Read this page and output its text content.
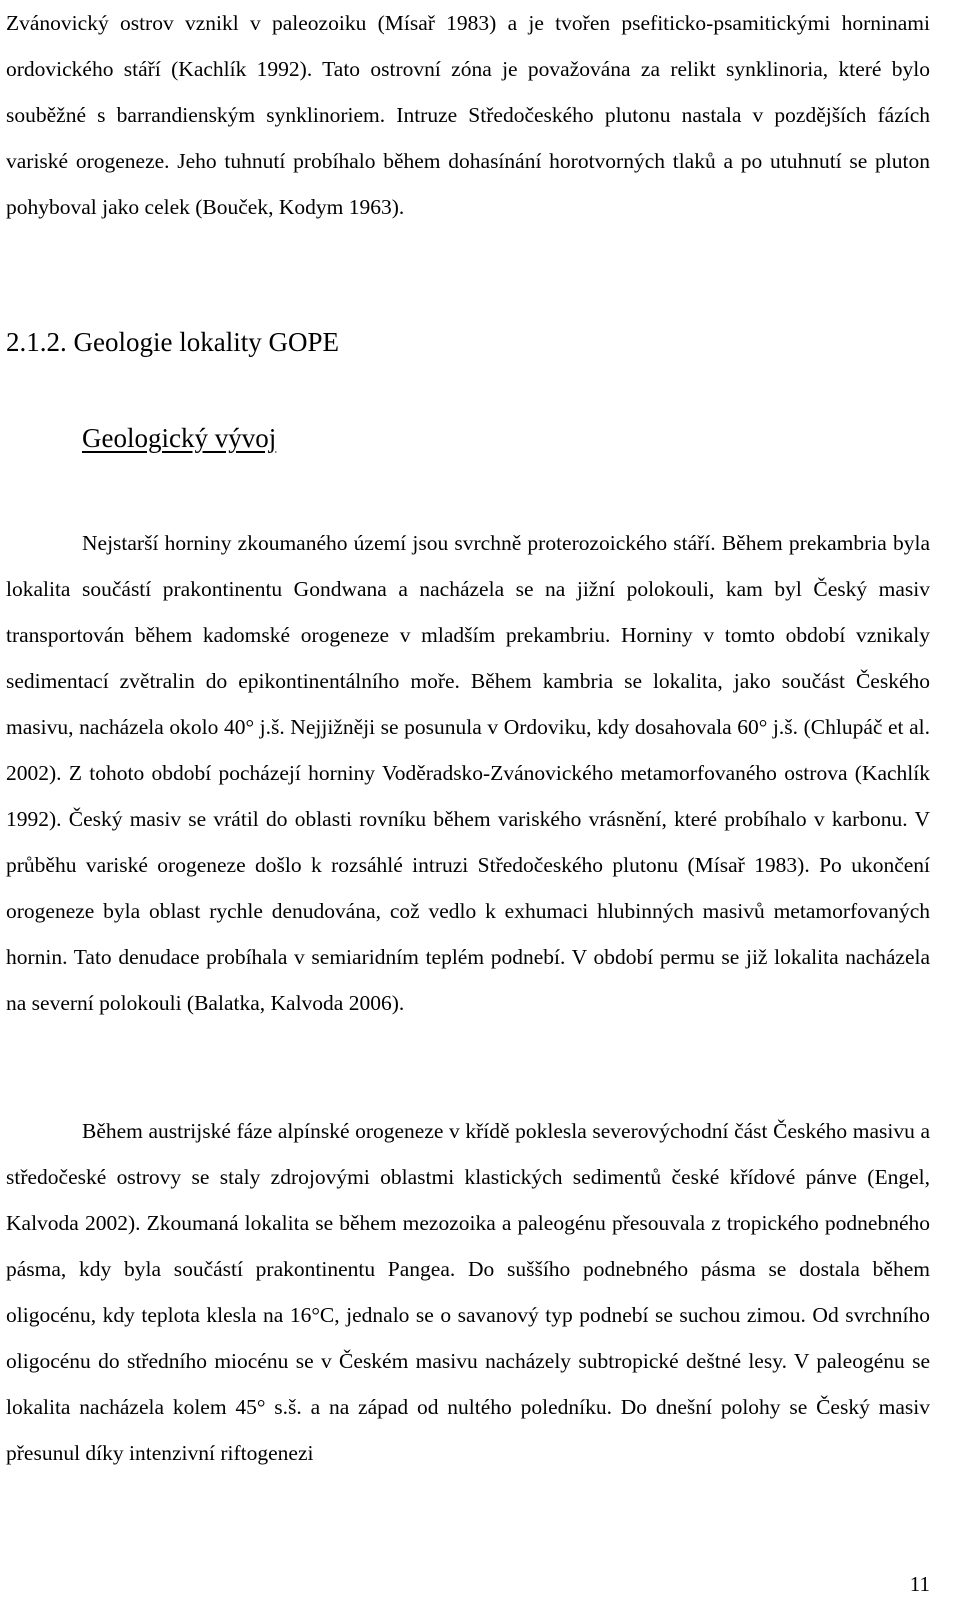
Zvánovický ostrov vznikl v paleozoiku (Mísař 1983) a je tvořen psefiticko-psamitickými horninami ordovického stáří (Kachlík 1992). Tato ostrovní zóna je považována za relikt synklinoria, které bylo souběžné s barrandienským synklinoriem. Intruze Středočeského plutonu nastala v pozdějších fázích variské orogeneze. Jeho tuhnutí probíhalo během dohasínání horotvorných tlaků a po utuhnutí se pluton pohyboval jako celek (Bouček, Kodym 1963).

2.1.2. Geologie lokality GOPE
Geologický vývoj

Nejstarší horniny zkoumaného území jsou svrchně proterozoického stáří. Během prekambria byla lokalita součástí prakontinentu Gondwana a nacházela se na jižní polokouli, kam byl Český masiv transportován během kadomské orogeneze v mladším prekambriu. Horniny v tomto období vznikaly sedimentací zvětralin do epikontinentálního moře. Během kambria se lokalita, jako součást Českého masivu, nacházela okolo 40° j.š. Nejjižněji se posunula v Ordoviku, kdy dosahovala 60° j.š. (Chlupáč et al. 2002). Z tohoto období pocházejí horniny Voděradsko-Zvánovického metamorfovaného ostrova (Kachlík 1992). Český masiv se vrátil do oblasti rovníku během variského vrásnění, které probíhalo v karbonu. V průběhu variské orogeneze došlo k rozsáhlé intruzi Středočeského plutonu (Mísař 1983). Po ukončení orogeneze byla oblast rychle denudována, což vedlo k exhumaci hlubinných masivů metamorfovaných hornin. Tato denudace probíhala v semiaridním teplém podnebí. V období permu se již lokalita nacházela na severní polokouli (Balatka, Kalvoda 2006).

Během austrijské fáze alpínské orogeneze v křídě poklesla severovýchodní část Českého masivu a středočeské ostrovy se staly zdrojovými oblastmi klastických sedimentů české křídové pánve (Engel, Kalvoda 2002). Zkoumaná lokalita se během mezozoika a paleogénu přesouvala z tropického podnebného pásma, kdy byla součástí prakontinentu Pangea. Do suššího podnebného pásma se dostala během oligocénu, kdy teplota klesla na 16°C, jednalo se o savanový typ podnebí se suchou zimou. Od svrchního oligocénu do středního miocénu se v Českém masivu nacházely subtropické deštné lesy. V paleogénu se lokalita nacházela kolem 45° s.š. a na západ od nultého poledníku. Do dnešní polohy se Český masiv přesunul díky intenzivní riftogenezi

11
